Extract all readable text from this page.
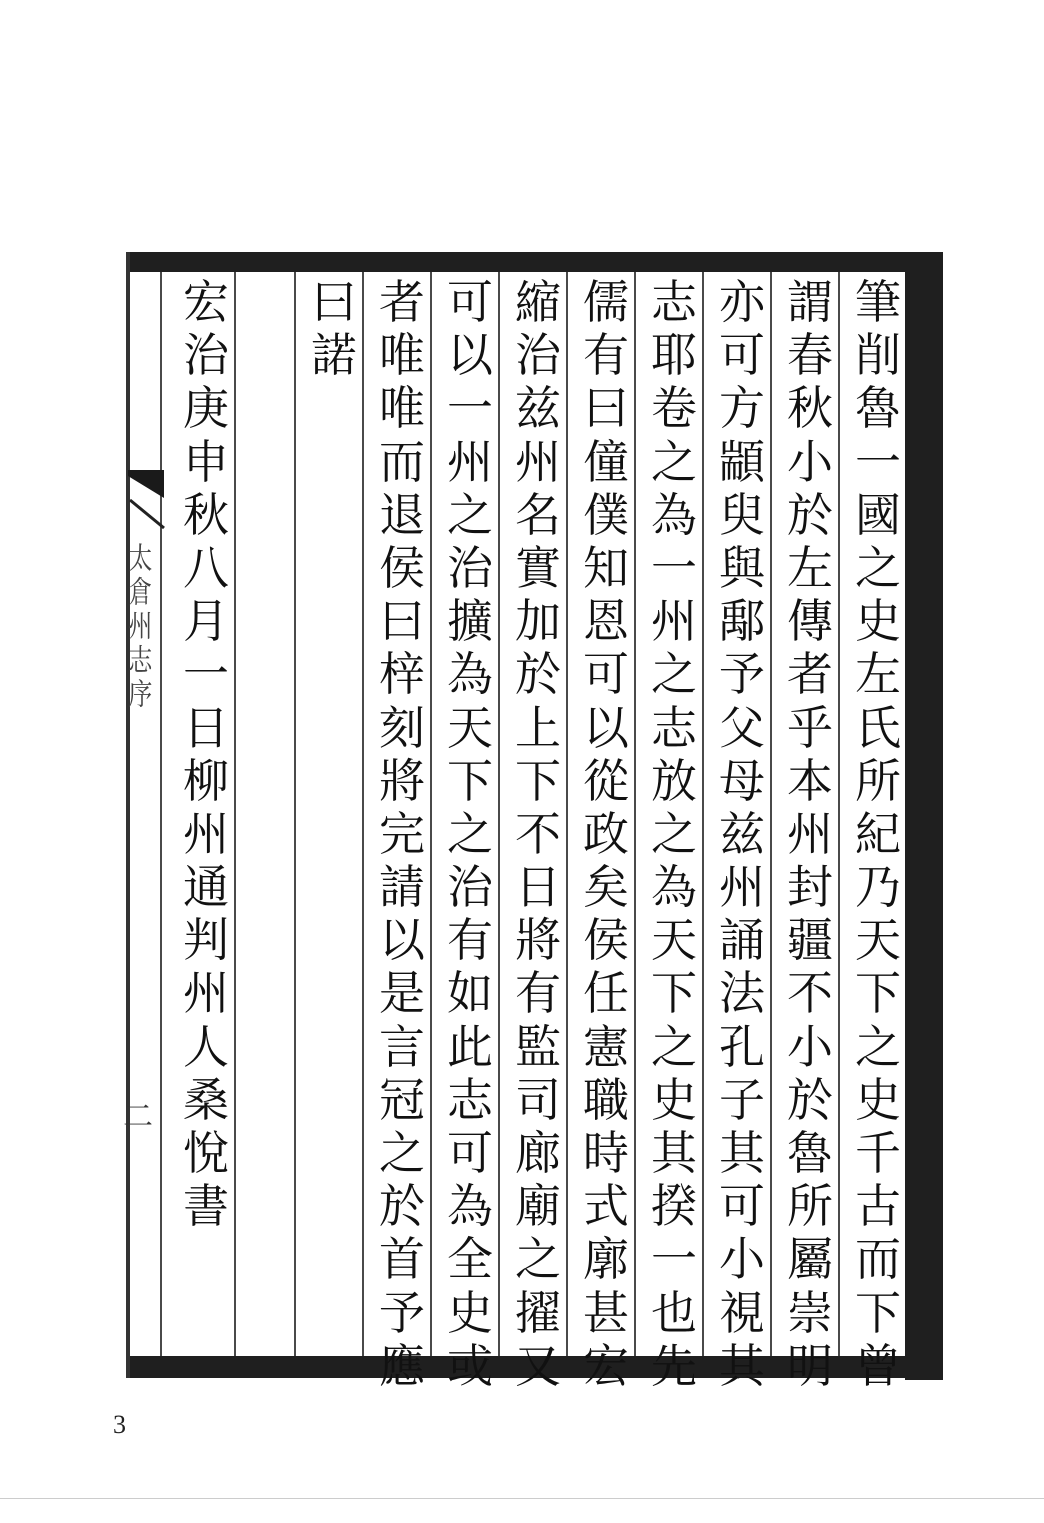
太倉州志序
二
筆
削
魯
一
國
之
史
左
氏
所
紀
乃
天
下
之
史
千
古
而
下
曾
謂
春
秋
小
於
左
傳
者
乎
本
州
封
疆
不
小
於
魯
所
屬
崇
明
亦
可
方
顓
臾
與
鄅
予
父
母
兹
州
誦
法
孔
子
其
可
小
視
其
志
耶
卷
之
為
一
州
之
志
放
之
為
天
下
之
史
其
揆
一
也
先
儒
有
曰
僮
僕
知
恩
可
以
從
政
矣
侯
任
憲
職
時
式
廓
甚
宏
縮
治
兹
州
名
實
加
於
上
下
不
日
將
有
監
司
廊
廟
之
擢
又
可
以
一
州
之
治
擴
為
天
下
之
治
有
如
此
志
可
為
全
史
或
者
唯
唯
而
退
侯
曰
梓
刻
將
完
請
以
是
言
冠
之
於
首
予
應
曰
諾
宏
治
庚
申
秋
八
月
一
日
柳
州
通
判
州
人
桑
悅
書
3
